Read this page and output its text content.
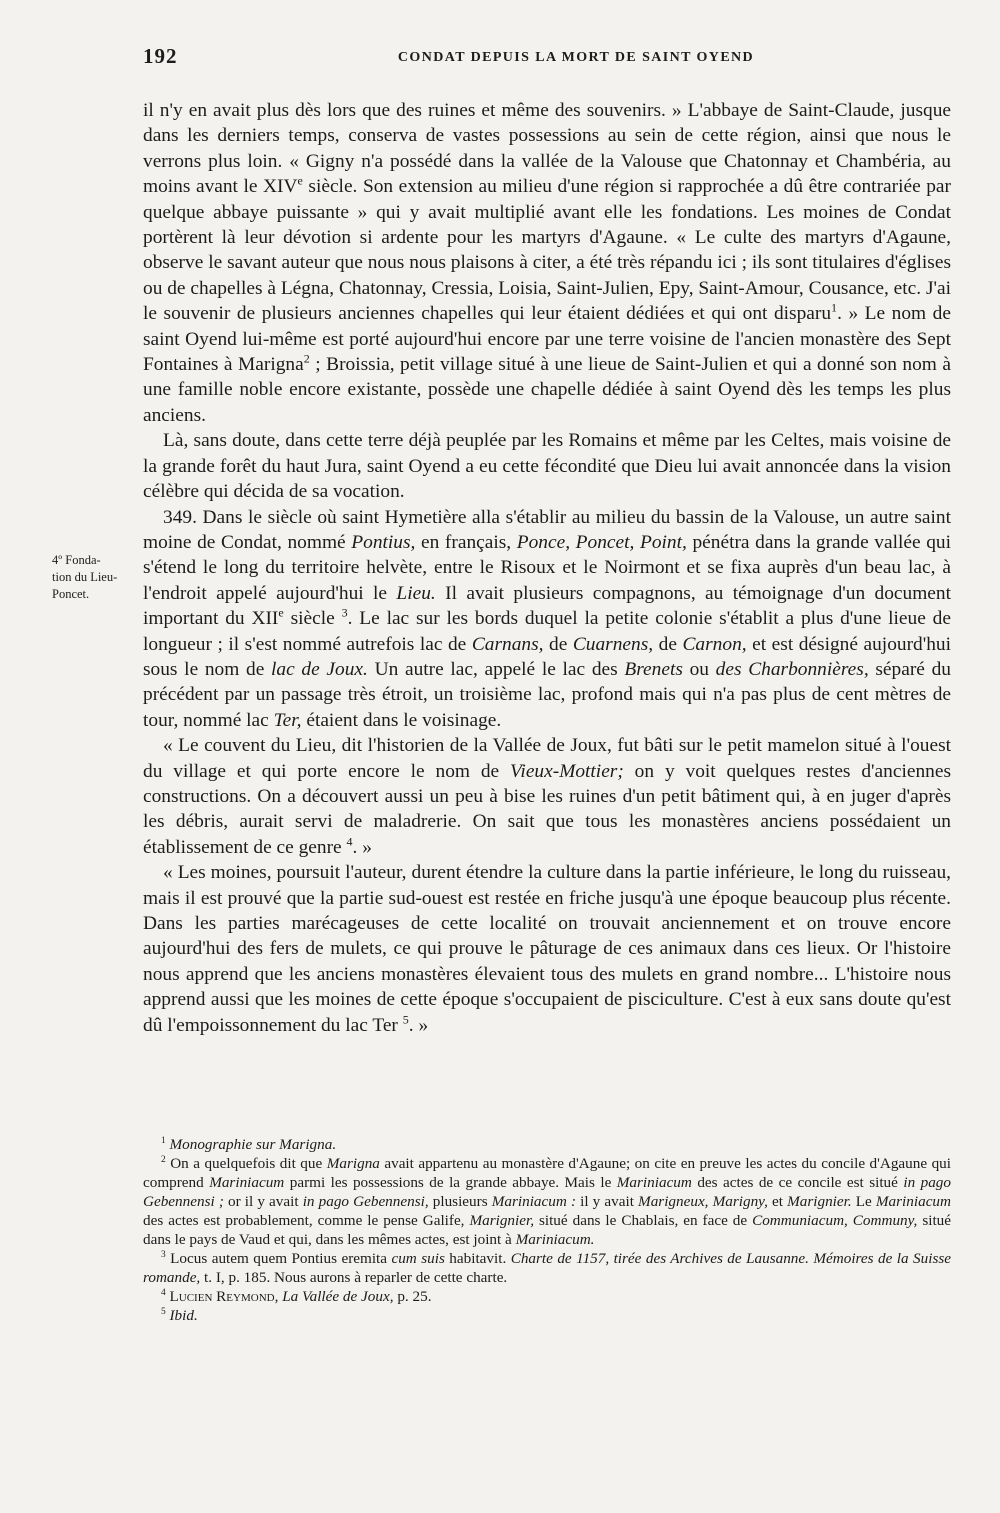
192	CONDAT DEPUIS LA MORT DE SAINT OYEND
4º Fonda-
tion du Lieu-
Poncet.

il n'y en avait plus dès lors que des ruines et même des souvenirs. » L'abbaye de Saint-Claude, jusque dans les derniers temps, conserva de vastes possessions au sein de cette région, ainsi que nous le verrons plus loin. « Gigny n'a possédé dans la vallée de la Valouse que Chatonnay et Chambéria, au moins avant le XIVe siècle. Son extension au milieu d'une région si rapprochée a dû être contrariée par quelque abbaye puissante » qui y avait multiplié avant elle les fondations. Les moines de Condat portèrent là leur dévotion si ardente pour les martyrs d'Agaune. « Le culte des martyrs d'Agaune, observe le savant auteur que nous nous plaisons à citer, a été très répandu ici ; ils sont titulaires d'églises ou de chapelles à Légna, Chatonnay, Cressia, Loisia, Saint-Julien, Epy, Saint-Amour, Cousance, etc. J'ai le souvenir de plusieurs anciennes chapelles qui leur étaient dédiées et qui ont disparu$^1$. » Le nom de saint Oyend lui-même est porté aujourd'hui encore par une terre voisine de l'ancien monastère des Sept Fontaines à Marigna$^2$ ; Broissia, petit village situé à une lieue de Saint-Julien et qui a donné son nom à une famille noble encore existante, possède une chapelle dédiée à saint Oyend dès les temps les plus anciens.

Là, sans doute, dans cette terre déjà peuplée par les Romains et même par les Celtes, mais voisine de la grande forêt du haut Jura, saint Oyend a eu cette fécondité que Dieu lui avait annoncée dans la vision célèbre qui décida de sa vocation.

349. Dans le siècle où saint Hymetière alla s'établir au milieu du bassin de la Valouse, un autre saint moine de Condat, nommé Pontius, en français, Ponce, Poncet, Point, pénétra dans la grande vallée qui s'étend le long du territoire helvète, entre le Risoux et le Noirmont et se fixa auprès d'un beau lac, à l'endroit appelé aujourd'hui le Lieu. Il avait plusieurs compagnons, au témoignage d'un document important du XIIe siècle $^3$. Le lac sur les bords duquel la petite colonie s'établit a plus d'une lieue de longueur ; il s'est nommé autrefois lac de Carnans, de Cuarnens, de Carnon, et est désigné aujourd'hui sous le nom de lac de Joux. Un autre lac, appelé le lac des Brenets ou des Charbonnières, séparé du précédent par un passage très étroit, un troisième lac, profond mais qui n'a pas plus de cent mètres de tour, nommé lac Ter, étaient dans le voisinage.

« Le couvent du Lieu, dit l'historien de la Vallée de Joux, fut bâti sur le petit mamelon situé à l'ouest du village et qui porte encore le nom de Vieux-Mottier; on y voit quelques restes d'anciennes constructions. On a découvert aussi un peu à bise les ruines d'un petit bâtiment qui, à en juger d'après les débris, aurait servi de maladrerie. On sait que tous les monastères anciens possédaient un établissement de ce genre $^4$. »

« Les moines, poursuit l'auteur, durent étendre la culture dans la partie inférieure, le long du ruisseau, mais il est prouvé que la partie sud-ouest est restée en friche jusqu'à une époque beaucoup plus récente. Dans les parties marécageuses de cette localité on trouvait anciennement et on trouve encore aujourd'hui des fers de mulets, ce qui prouve le pâturage de ces animaux dans ces lieux. Or l'histoire nous apprend que les anciens monastères élevaient tous des mulets en grand nombre... L'histoire nous apprend aussi que les moines de cette époque s'occupaient de pisciculture. C'est à eux sans doute qu'est dû l'empoissonnement du lac Ter $^5$. »

$^1$ Monographie sur Marigna.

$^2$ On a quelquefois dit que Marigna avait appartenu au monastère d'Agaune; on cite en preuve les actes du concile d'Agaune qui comprend Mariniacum parmi les possessions de la grande abbaye. Mais le Mariniacum des actes de ce concile est situé in pago Gebennensi ; or il y avait in pago Gebennensi, plusieurs Mariniacum : il y avait Marigneux, Marigny, et Marignier. Le Mariniacum des actes est probablement, comme le pense Galife, Marignier, situé dans le Chablais, en face de Communiacum, Communy, situé dans le pays de Vaud et qui, dans les mêmes actes, est joint à Mariniacum.

$^3$ Locus autem quem Pontius eremita cum suis habitavit. Charte de 1157, tirée des Archives de Lausanne. Mémoires de la Suisse romande, t. I, p. 185. Nous aurons à reparler de cette charte.

$^4$ Lucien Reymond, La Vallée de Joux, p. 25.

$^5$ Ibid.
